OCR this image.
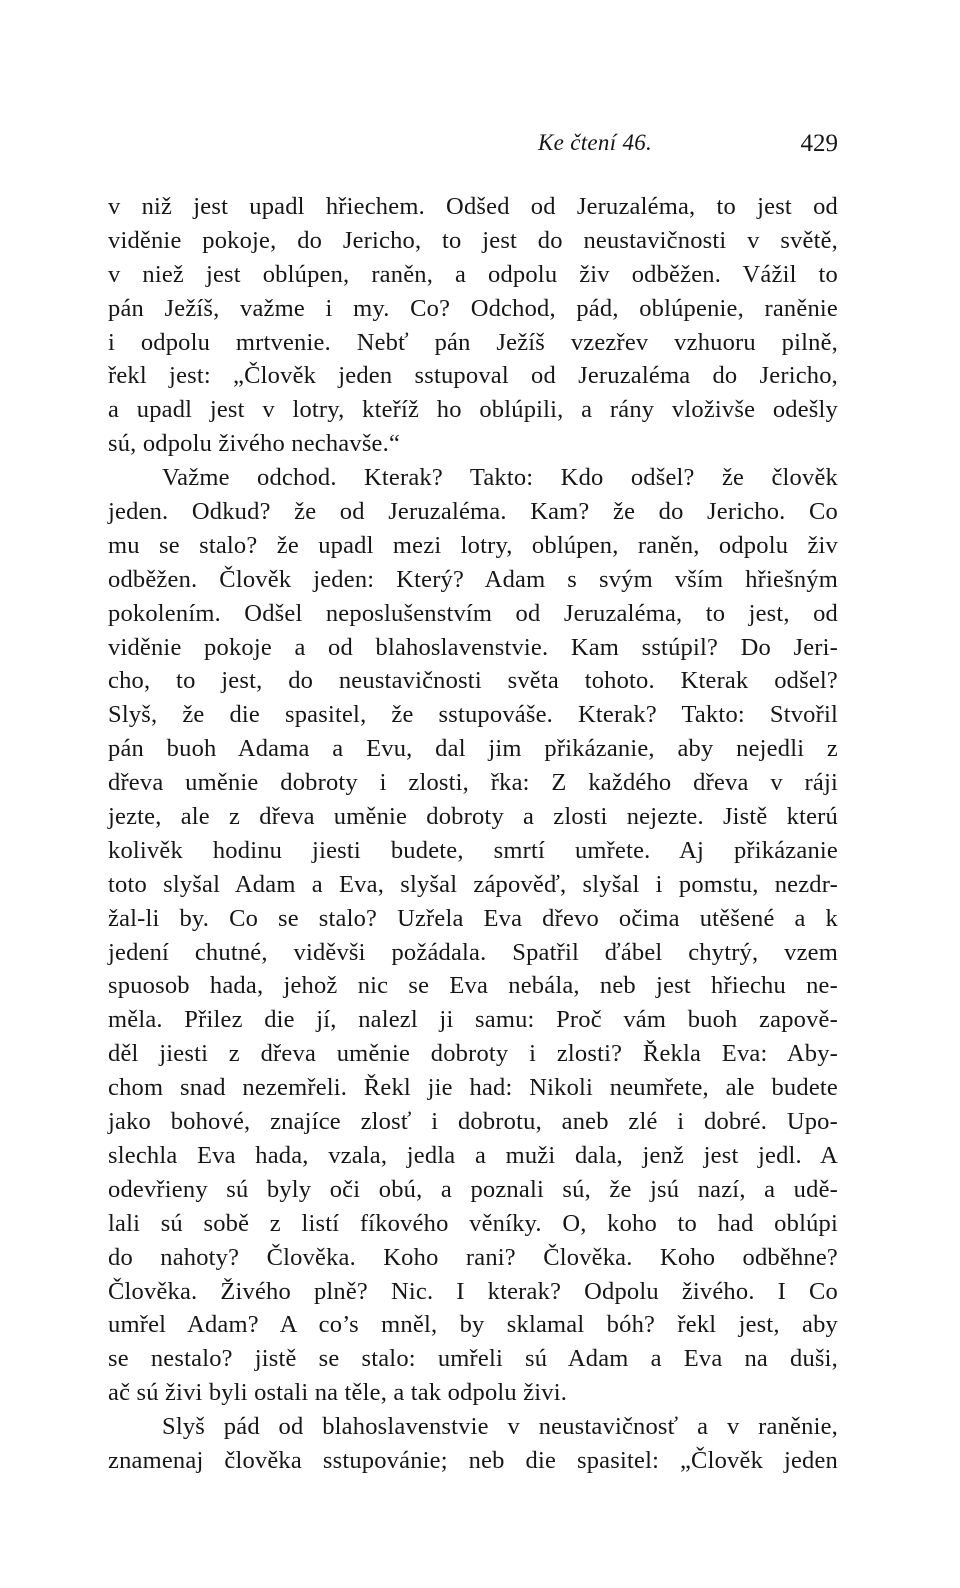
Ke čtení 46.	429
v niž jest upadl hřiechem. Odšed od Jeruzaléma, to jest od
viděnie pokoje, do Jericho, to jest do neustavičnosti v světě,
v niež jest oblúpen, raněn, a odpolu živ odběžen. Vážil to
pán Ježíš, važme i my. Co? Odchod, pád, oblúpenie, raněnie
i odpolu mrtvenie. Nebť pán Ježíš vzezřev vzhuoru pilně,
řekl jest: „Člověk jeden sstupoval od Jeruzaléma do Jericho,
a upadl jest v lotry, kteříž ho oblúpili, a rány vloživše odešly
sú, odpolu živého nechavše.“
Važme odchod. Kterak? Takto: Kdo odšel? že člověk
jeden. Odkud? že od Jeruzaléma. Kam? že do Jericho. Co
mu se stalo? že upadl mezi lotry, oblúpen, raněn, odpolu živ
odběžen. Člověk jeden: Který? Adam s svým vším hřiešným
pokolením. Odšel neposlušenstvím od Jeruzaléma, to jest, od
viděnie pokoje a od blahoslavenstvie. Kam sstúpil? Do Jeri-
cho, to jest, do neustavičnosti světa tohoto. Kterak odšel?
Slyš, že die spasitel, že sstupováše. Kterak? Takto: Stvořil
pán buoh Adama a Evu, dal jim přikázanie, aby nejedli z
dřeva uměnie dobroty i zlosti, řka: Z každého dřeva v ráji
jezte, ale z dřeva uměnie dobroty a zlosti nejezte. Jistě kterú
kolivěk hodinu jiesti budete, smrtí umřete. Aj přikázanie
toto slyšal Adam a Eva, slyšal zápověď, slyšal i pomstu, nezdr-
žal-li by. Co se stalo? Uzřela Eva dřevo očima utěšené a k
jedení chutné, viděvši požádala. Spatřil ďábel chytrý, vzem
spuosob hada, jehož nic se Eva nebála, neb jest hřiechu ne-
měla. Přilez die jí, nalezl ji samu: Proč vám buoh zapově-
děl jiesti z dřeva uměnie dobroty i zlosti? Řekla Eva: Aby-
chom snad nezemřeli. Řekl jie had: Nikoli neumřete, ale budete
jako bohové, znajíce zlosť i dobrotu, aneb zlé i dobré. Upo-
slechla Eva hada, vzala, jedla a muži dala, jenž jest jedl. A
odevřieny sú byly oči obú, a poznali sú, že jsú nazí, a udě-
lali sú sobě z listí fíkového věníky. O, koho to had oblúpi
do nahoty? Člověka. Koho rani? Člověka. Koho odběhne?
Člověka. Živého plně? Nic. I kterak? Odpolu živého. I Co
umřel Adam? A co’s mněl, by sklamal bóh? řekl jest, aby
se nestalo? jistě se stalo: umřeli sú Adam a Eva na duši,
ač sú živi byli ostali na těle, a tak odpolu živi.
Slyš pád od blahoslavenstvie v neustavičnosť a v raněnie,
znamenaj člověka sstupovánie; neb die spasitel: „Člověk jeden
